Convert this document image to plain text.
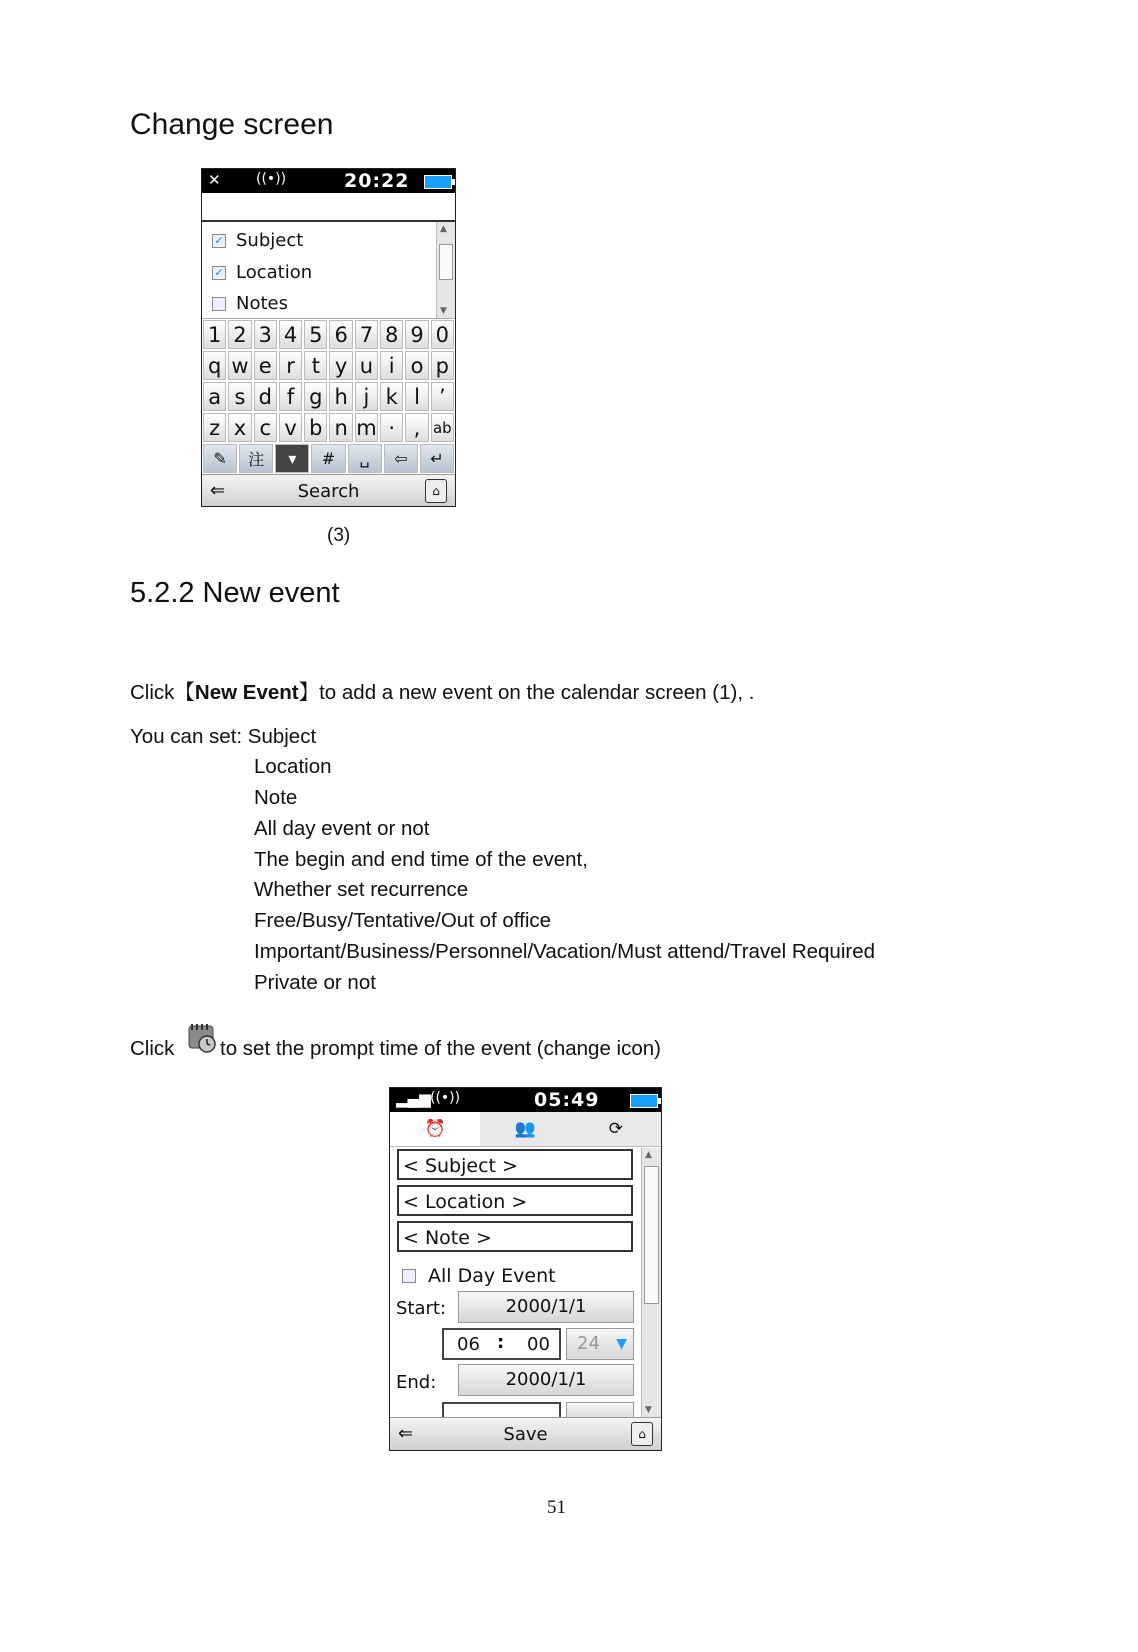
Change screen
✕	((•))	20:22
✓ Subject
✓ Location
Notes
▲
▼
1 2 3 4 5 6 7 8 9 0
q w e r t y u i o p
a s d f g h j k l ’
z x c v b n m · , ab
✎	注	▾	#	␣	⇦	↵
⇐	Search	⌂
(3)
5.2.2 New event
Click【New Event】to add a new event on the calendar screen (1), .
You can set: Subject
Location
Note
All day event or not
The begin and end time of the event,
Whether set recurrence
Free/Busy/Tentative/Out of office
Important/Business/Personnel/Vacation/Must attend/Travel Required
Private or not
Click to set the prompt time of the event (change icon)
▂▄▆ ((•))	05:49
⏰	👥	⟳
< Subject >
< Location >
< Note >
All Day Event
Start:	2000/1/1
06 : 00	24 ▼
End:	2000/1/1
▲
▼
⇐	Save	⌂
51
